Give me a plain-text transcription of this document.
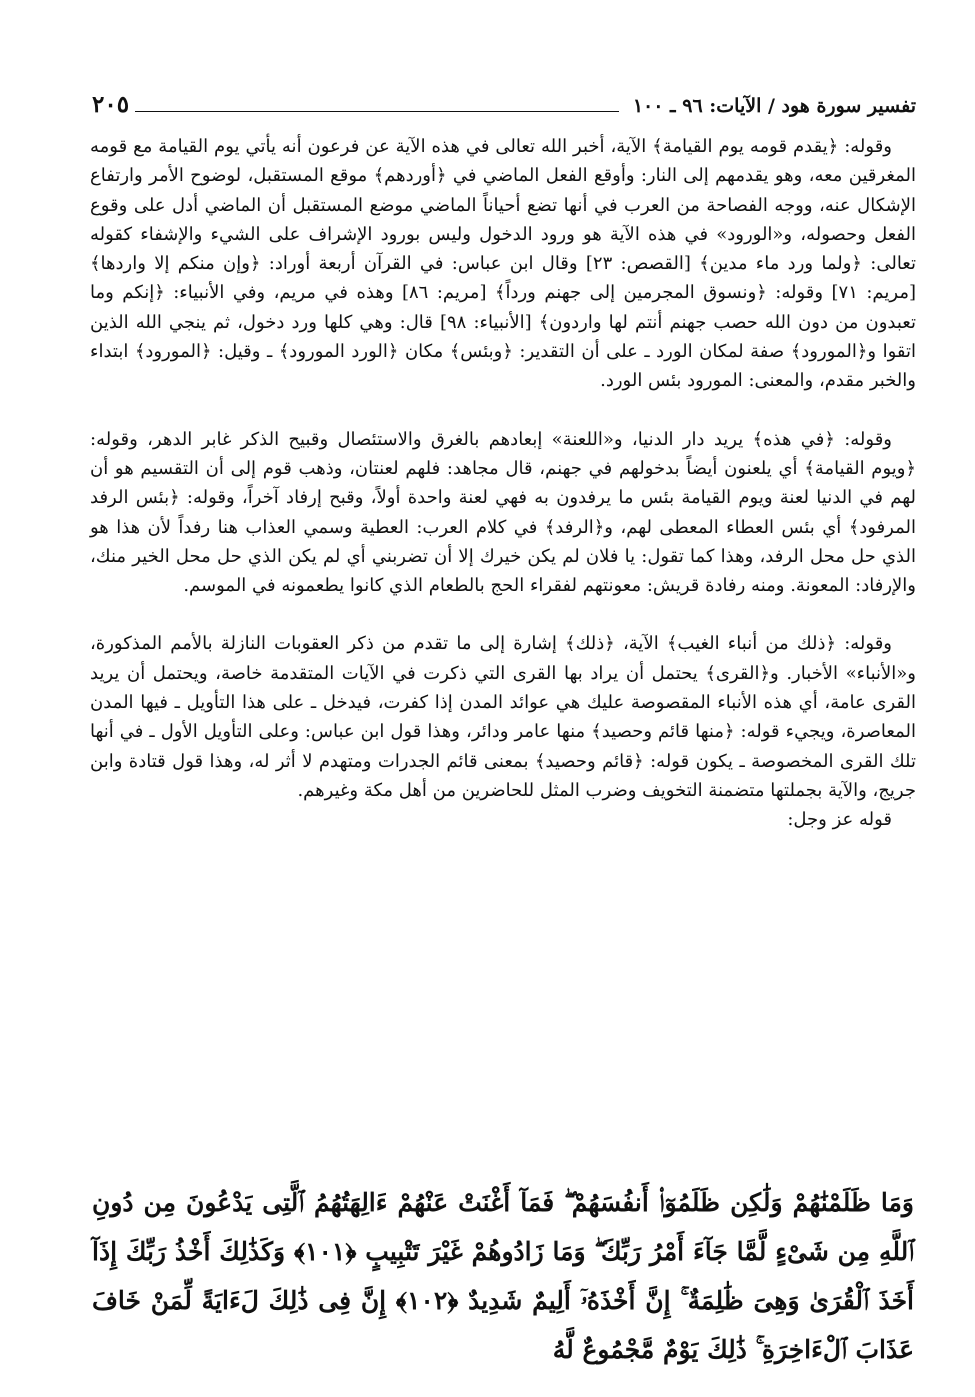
تفسير سورة هود / الآيات: ٩٦ ـ ١٠٠
٢٠٥

وقوله: ﴿يقدم قومه يوم القيامة﴾ الآية، أخبر الله تعالى في هذه الآية عن فرعون أنه يأتي يوم القيامة مع قومه المغرقين معه، وهو يقدمهم إلى النار: وأوقع الفعل الماضي في ﴿أوردهم﴾ موقع المستقبل، لوضوح الأمر وارتفاع الإشكال عنه، ووجه الفصاحة من العرب في أنها تضع أحياناً الماضي موضع المستقبل أن الماضي أدل على وقوع الفعل وحصوله، و«الورود» في هذه الآية هو ورود الدخول وليس بورود الإشراف على الشيء والإشفاء كقوله تعالى: ﴿ولما ورد ماء مدين﴾ [القصص: ٢٣] وقال ابن عباس: في القرآن أربعة أوراد: ﴿وإن منكم إلا واردها﴾ [مريم: ٧١] وقوله: ﴿ونسوق المجرمين إلى جهنم ورداً﴾ [مريم: ٨٦] وهذه في مريم، وفي الأنبياء: ﴿إنكم وما تعبدون من دون الله حصب جهنم أنتم لها واردون﴾ [الأنبياء: ٩٨] قال: وهي كلها ورد دخول، ثم ينجي الله الذين اتقوا و﴿المورود﴾ صفة لمكان الورد ـ على أن التقدير: ﴿وبئس﴾ مكان ﴿الورد المورود﴾ ـ وقيل: ﴿المورود﴾ ابتداء والخبر مقدم، والمعنى: المورود بئس الورد.

وقوله: ﴿في هذه﴾ يريد دار الدنيا، و«اللعنة» إبعادهم بالغرق والاستئصال وقبيح الذكر غابر الدهر، وقوله: ﴿ويوم القيامة﴾ أي يلعنون أيضاً بدخولهم في جهنم، قال مجاهد: فلهم لعنتان، وذهب قوم إلى أن التقسيم هو أن لهم في الدنيا لعنة ويوم القيامة بئس ما يرفدون به فهي لعنة واحدة أولاً، وقبح إرفاد آخراً، وقوله: ﴿بئس الرفد المرفود﴾ أي بئس العطاء المعطى لهم، و﴿الرفد﴾ في كلام العرب: العطية وسمي العذاب هنا رفداً لأن هذا هو الذي حل محل الرفد، وهذا كما تقول: يا فلان لم يكن خيرك إلا أن تضربني أي لم يكن الذي حل محل الخير منك، والإرفاد: المعونة. ومنه رفادة قريش: معونتهم لفقراء الحج بالطعام الذي كانوا يطعمونه في الموسم.

وقوله: ﴿ذلك من أنباء الغيب﴾ الآية، ﴿ذلك﴾ إشارة إلى ما تقدم من ذكر العقوبات النازلة بالأمم المذكورة، و«الأنباء» الأخبار. و﴿القرى﴾ يحتمل أن يراد بها القرى التي ذكرت في الآيات المتقدمة خاصة، ويحتمل أن يريد القرى عامة، أي هذه الأنباء المقصوصة عليك هي عوائد المدن إذا كفرت، فيدخل ـ على هذا التأويل ـ فيها المدن المعاصرة، ويجيء قوله: ﴿منها قائم وحصيد﴾ منها عامر ودائر، وهذا قول ابن عباس: وعلى التأويل الأول ـ في أنها تلك القرى المخصوصة ـ يكون قوله: ﴿قائم وحصيد﴾ بمعنى قائم الجدرات ومتهدم لا أثر له، وهذا قول قتادة وابن جريج، والآية بجملتها متضمنة التخويف وضرب المثل للحاضرين من أهل مكة وغيرهم.

قوله عز وجل:

وَمَا ظَلَمْنَٰهُمْ وَلَٰكِن ظَلَمُوٓا۟ أَنفُسَهُمْ ۖ فَمَآ أَغْنَتْ عَنْهُمْ ءَالِهَتُهُمُ ٱلَّتِى يَدْعُونَ مِن دُونِ ٱللَّهِ مِن شَىْءٍ لَّمَّا جَآءَ أَمْرُ رَبِّكَ ۖ وَمَا زَادُوهُمْ غَيْرَ تَتْبِيبٍ ﴿١٠١﴾ وَكَذَٰلِكَ أَخْذُ رَبِّكَ إِذَآ أَخَذَ ٱلْقُرَىٰ وَهِىَ ظَٰلِمَةٌ ۚ إِنَّ أَخْذَهُۥٓ أَلِيمٌ شَدِيدٌ ﴿١٠٢﴾ إِنَّ فِى ذَٰلِكَ لَءَايَةً لِّمَنْ خَافَ عَذَابَ ٱلْءَاخِرَةِ ۚ ذَٰلِكَ يَوْمٌ مَّجْمُوعٌ لَّهُ
